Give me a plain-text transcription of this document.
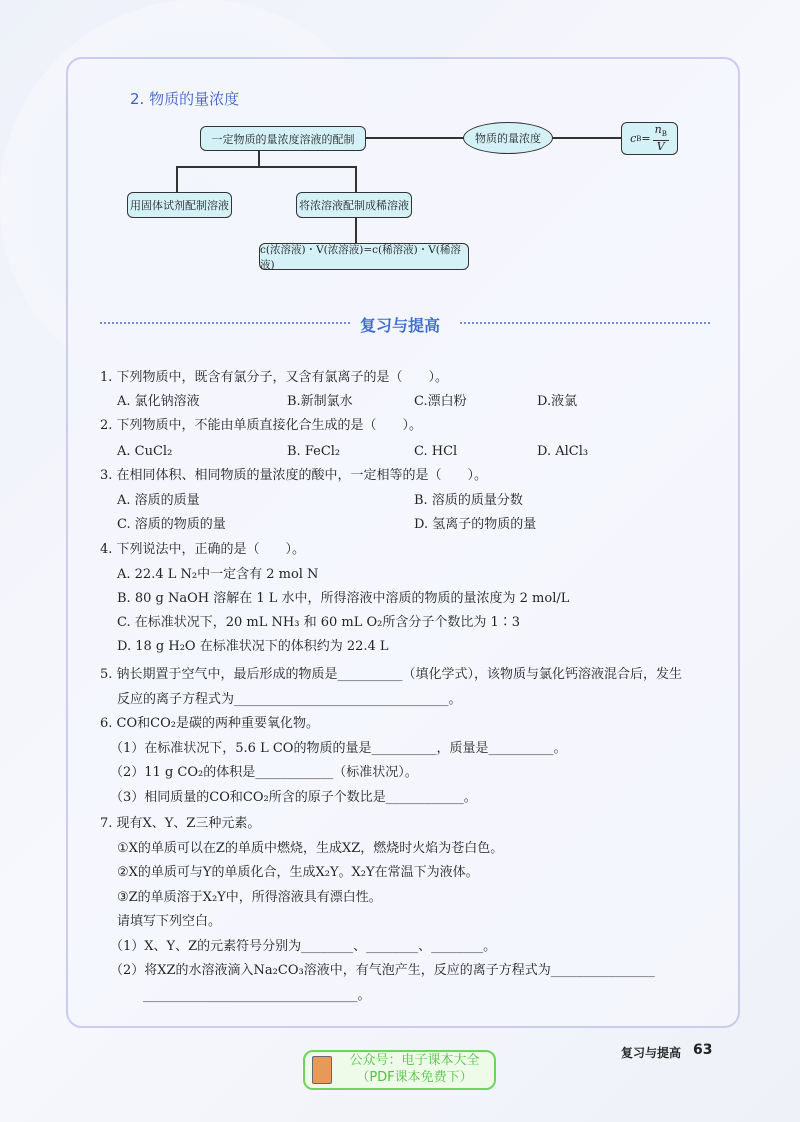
2. 物质的量浓度
一定物质的量浓度溶液的配制	物质的量浓度	c B =
$n_B$
V
用固体试剂配制溶液	将浓溶液配制成稀溶液
c(浓溶液)・V(浓溶液)=c(稀溶液)・V(稀溶液)
复习与提高
1. 下列物质中，既含有氯分子，又含有氯离子的是（　　）。
A. 氯化钠溶液	B.新制氯水	C.漂白粉	D.液氯
2. 下列物质中，不能由单质直接化合生成的是（　　）。
A. CuCl₂	B. FeCl₂	C. HCl	D. AlCl₃
3. 在相同体积、相同物质的量浓度的酸中，一定相等的是（　　）。
A. 溶质的质量	B. 溶质的质量分数
C. 溶质的物质的量	D. 氢离子的物质的量
4. 下列说法中，正确的是（　　）。
A. 22.4 L N₂中一定含有 2 mol N
B. 80 g NaOH 溶解在 1 L 水中，所得溶液中溶质的物质的量浓度为 2 mol/L
C. 在标准状况下，20 mL NH₃ 和 60 mL O₂所含分子个数比为 1∶3
D. 18 g H₂O 在标准状况下的体积约为 22.4 L
5. 钠长期置于空气中，最后形成的物质是__________（填化学式），该物质与氯化钙溶液混合后，发生
反应的离子方程式为_________________________________。
6. CO和CO₂是碳的两种重要氧化物。
（1）在标准状况下，5.6 L CO的物质的量是__________，质量是__________。
（2）11 g CO₂的体积是____________（标准状况）。
（3）相同质量的CO和CO₂所含的原子个数比是____________。
7. 现有X、Y、Z三种元素。
①X的单质可以在Z的单质中燃烧，生成XZ，燃烧时火焰为苍白色。
②X的单质可与Y的单质化合，生成X₂Y。X₂Y在常温下为液体。
③Z的单质溶于X₂Y中，所得溶液具有漂白性。
请填写下列空白。
（1）X、Y、Z的元素符号分别为________、________、________。
（2）将XZ的水溶液滴入Na₂CO₃溶液中，有气泡产生，反应的离子方程式为________________
_________________________________。
复习与提高 63
公众号：电子课本大全
（PDF课本免费下）
